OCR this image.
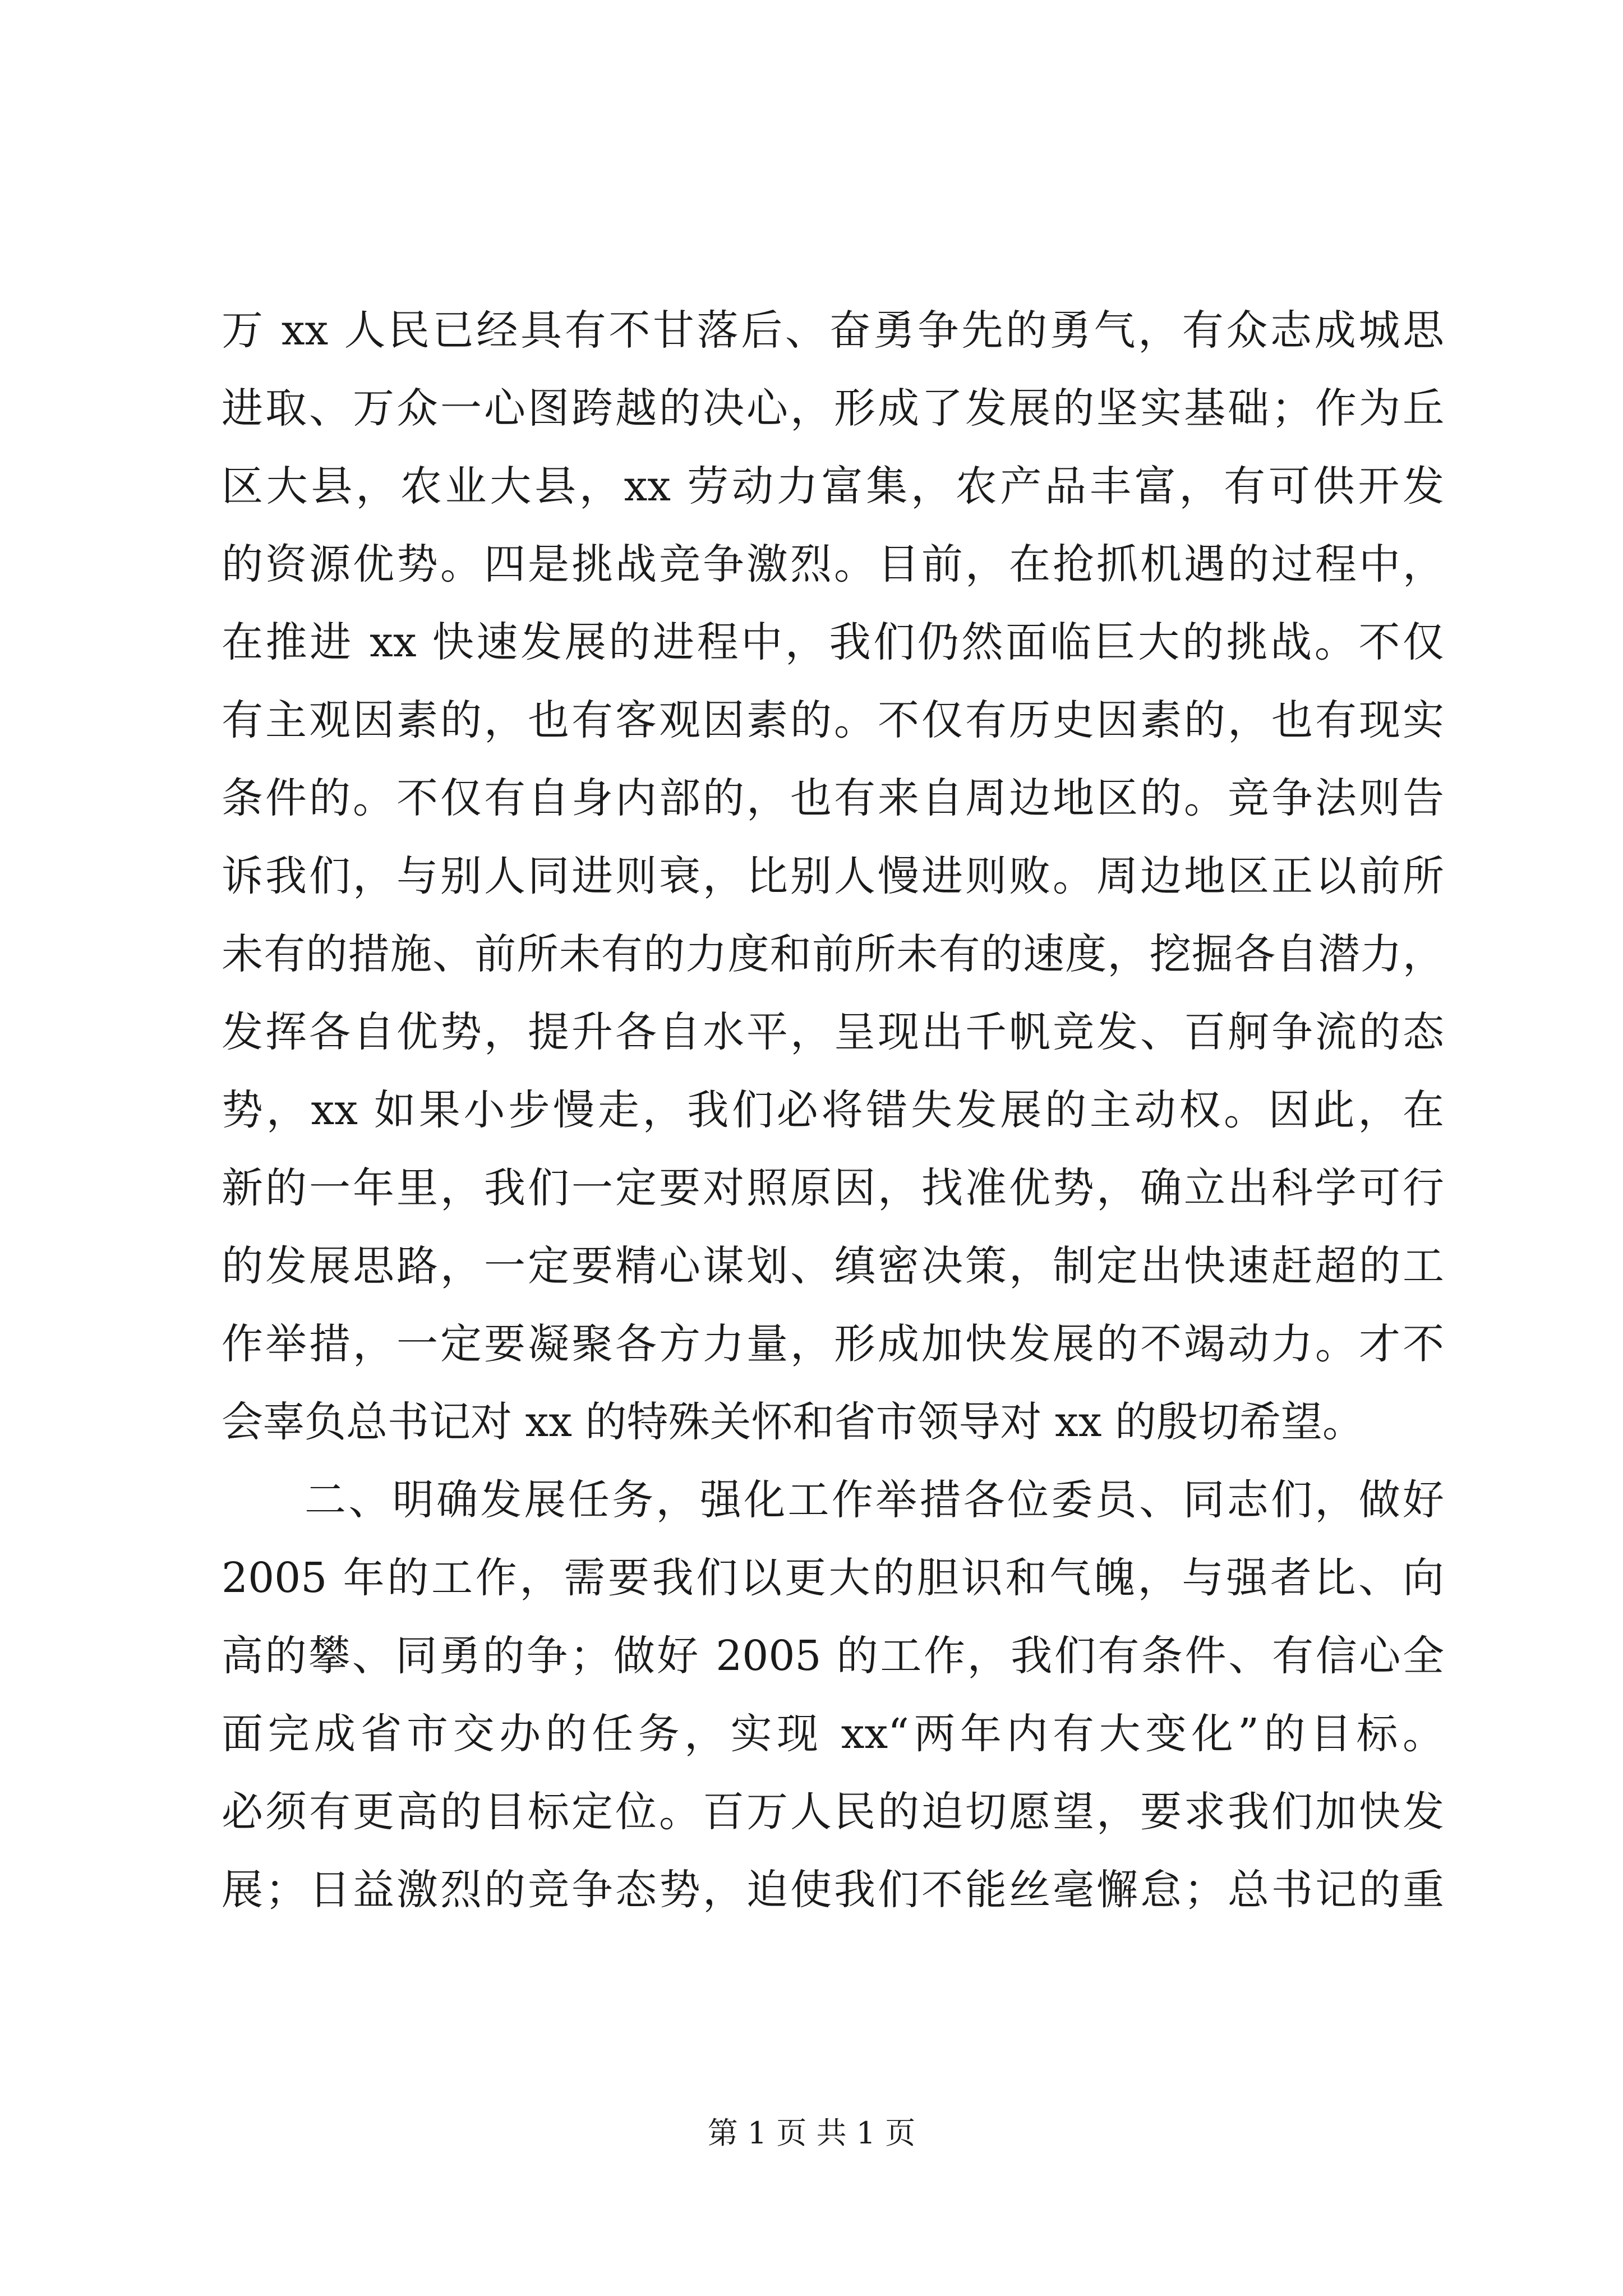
万 xx 人民已经具有不甘落后、奋勇争先的勇气，有众志成城思
进取、万众一心图跨越的决心，形成了发展的坚实基础；作为丘
区大县，农业大县，xx 劳动力富集，农产品丰富，有可供开发
的资源优势。四是挑战竞争激烈。目前，在抢抓机遇的过程中，
在推进 xx 快速发展的进程中，我们仍然面临巨大的挑战。不仅
有主观因素的，也有客观因素的。不仅有历史因素的，也有现实
条件的。不仅有自身内部的，也有来自周边地区的。竞争法则告
诉我们，与别人同进则衰，比别人慢进则败。周边地区正以前所
未有的措施、前所未有的力度和前所未有的速度，挖掘各自潜力，
发挥各自优势，提升各自水平，呈现出千帆竞发、百舸争流的态
势，xx 如果小步慢走，我们必将错失发展的主动权。因此，在
新的一年里，我们一定要对照原因，找准优势，确立出科学可行
的发展思路，一定要精心谋划、缜密决策，制定出快速赶超的工
作举措，一定要凝聚各方力量，形成加快发展的不竭动力。才不
会辜负总书记对 xx 的特殊关怀和省市领导对 xx 的殷切希望。
二、明确发展任务，强化工作举措各位委员、同志们，做好
2005 年的工作，需要我们以更大的胆识和气魄，与强者比、向
高的攀、同勇的争；做好 2005 的工作，我们有条件、有信心全
面完成省市交办的任务，实现 xx“两年内有大变化”的目标。
必须有更高的目标定位。百万人民的迫切愿望，要求我们加快发
展；日益激烈的竞争态势，迫使我们不能丝毫懈怠；总书记的重
第 1 页 共 1 页
